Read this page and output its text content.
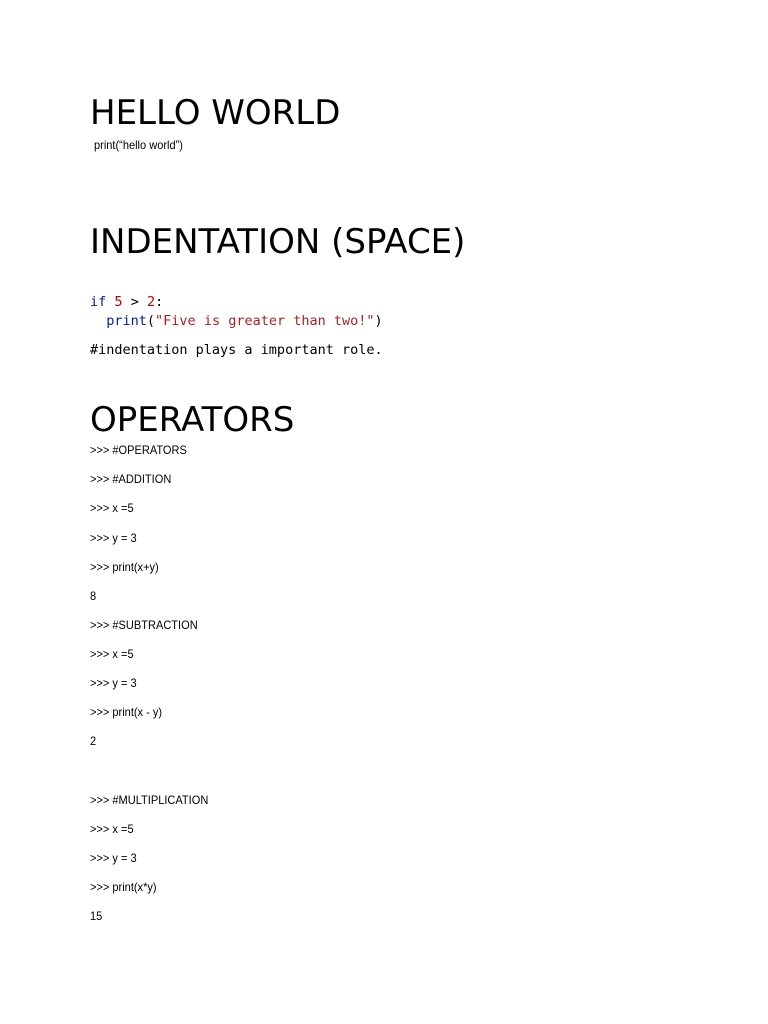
HELLO WORLD
print(“hello world”)
INDENTATION (SPACE)
if 5 > 2:
print("Five is greater than two!")
#indentation plays a important role.
OPERATORS
>>> #OPERATORS
>>> #ADDITION
>>> x =5
>>> y = 3
>>> print(x+y)
8
>>> #SUBTRACTION
>>> x =5
>>> y = 3
>>> print(x - y)
2
>>> #MULTIPLICATION
>>> x =5
>>> y = 3
>>> print(x*y)
15
